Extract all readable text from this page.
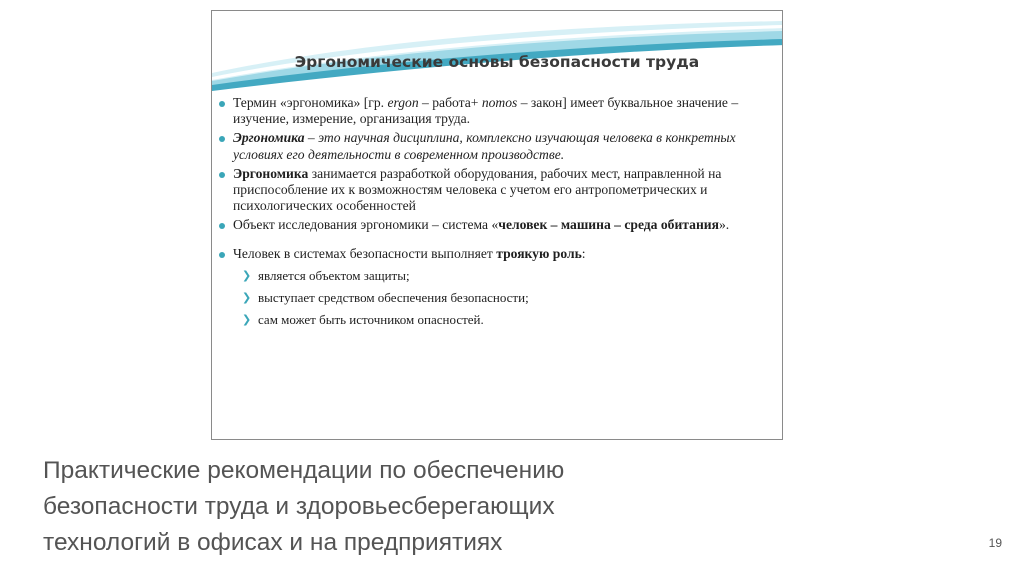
Эргономические основы безопасности труда
Термин «эргономика» [гр. ergon – работа+ nomos – закон] имеет буквальное значение – изучение, измерение, организация труда.
Эргономика – это научная дисциплина, комплексно изучающая человека в конкретных условиях его деятельности в современном производстве.
Эргономика занимается разработкой оборудования, рабочих мест, направленной на приспособление их к возможностям человека с учетом его антропометрических и психологических особенностей
Объект исследования эргономики – система «человек – машина – среда обитания».
Человек в системах безопасности выполняет троякую роль:
❯ является объектом защиты;
❯ выступает средством обеспечения безопасности;
❯ сам может быть источником опасностей.
Практические рекомендации по обеспечению
безопасности труда и здоровьесберегающих
технологий в офисах и на предприятиях	19
